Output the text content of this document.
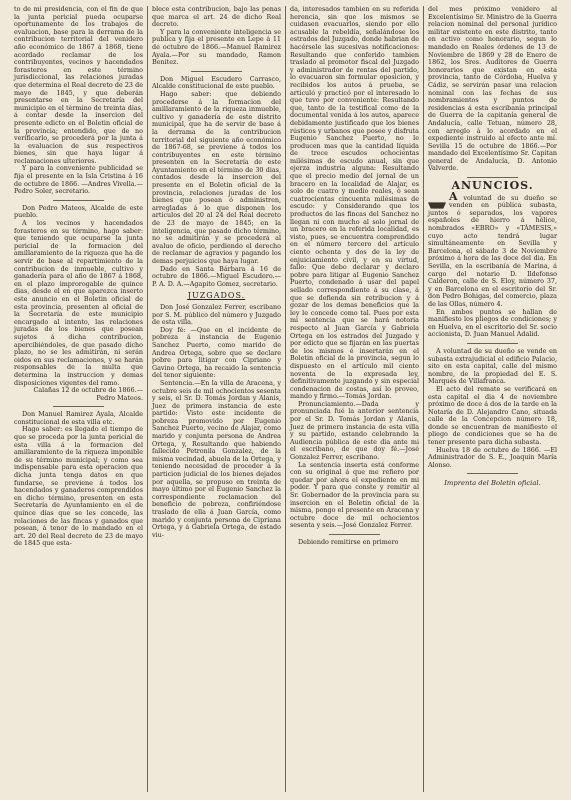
to de mi presidencia, con el fin de que la junta pericial pueda ocuparse oportunamente de los trabajos de evaluacion, base para la derrama de la contribucion territorial del venidero año económico de 1867 á 1868, tiene acordado reclamar de los contribuyentes, vecinos y hacendados forasteros en este término jurisdiccional, las relaciones juradas que determina el Real decreto de 23 de mayo de 1845, y que deberán presentarse en la Secretaría del municipio en el término de treinta dias, á contar desde la insercion del presente edicto en el Boletin oficial de la provincia; entendido, que de no verificarlo, se procederá por la junta á la evaluacion de sus respectivos bienes, sin que haya lugar á reclamaciones ulteriores.

Y para la conveniente publicidad se fija el presente en la Isla Cristina á 16 de octubre de 1866. —Andres Vivella.—Pedro Soler, secretario.

Don Pedro Mateos, Alcalde de este pueblo.

A los vecinos y hacendados forasteros en su término, hago saber: que teniendo que ocuparse la junta pericial de la formacion del amillaramiento de la riqueza que ha de servir de base al repartimiento de la contribucion de inmueble, cultivo y ganadería para el año de 1867 á 1868, en el plazo improrogable de quince dias, desde el en que aparezca inserto este anuncio en el Boletin oficial de esta provincia, presenten al oficial de la Secretaría de este municipio encargado al intento, las relaciones juradas de los bienes que posean sujetos á dicha contribucion, apercibiéndoles, de que pasado dicho plazo, no se les admitirán, ni serán oidos en sus reclamaciones, y se harán responsables de la multa que determina la instruccion y demas disposiciones vigentes del ramo.

Calañas 12 de octubre de 1866.—Pedro Mateos.

Don Manuel Ramirez Ayala, Alcalde constitucional de esta villa etc.

Hago saber: es llegado el tiempo de que se proceda por la junta pericial de esta villa á la formacion del amillaramiento de la riqueza imponible de su término municipal; y como sea indispensable para esta operacion que dicha junta tenga datos en que fundarse, se previene á todos los hacendados y ganaderos comprendidos en dicho término, presenten en esta Secretaría de Ayuntamiento en el de quince dias que se les concede, las relaciones de las fincas y ganados que posean, á tenor de lo mandado en el art. 20 del Real decreto de 23 de mayo de 1845 que esta-

blece esta contribucion, bajo las penas que marca el art. 24 de dicho Real decreto.

Y para la conveniente inteligencia se publica y fija el presente en Lepe á 11 de octubre de 1866.—Manuel Ramirez Ayala.—Por su mandado, Ramon Benitez.

Don Miguel Escudero Carrasco, Alcalde constitucional de este pueblo.

Hago saber: que debiendo procederse á la formacion del amillaramiento de la riqueza inmueble, cultivo y ganadería de este distrito municipal, que ha de servir de base á la derrama de la contribucion territorial del siguiente año económico de 1867-68, se previene á todos los contribuyentes en este término presenten en la Secretaría de este Ayuntamiento en el término de 30 dias, contados desde la insercion del presente en el Boletin oficial de la provincia, relaciones juradas de los bienes que posean ó administren, arregladas á lo que disponen los artículos del 20 al 24 del Real decreto de 23 de mayo de 1845; en la inteligencia, que pasado dicho término, no se admitirán y se procederá al avaluo de oficio, perdiendo el derecho de reclamar de agravios y pagando los demas perjuicios que haya lugar.

Dado en Santa Bárbara á 16 de octubre de 1866.—Miguel Escudero.—P. A. D. A.—Agapito Gomez, secretario.

JUZGADOS.

Don José Gonzalez Ferrer, escribano por S. M. público del número y Juzgado de esta villa.

Doy fé: —Que en el incidente de pobreza á instancia de Eugenio Sanchez Puerto, como marido de Andrea Ortega, sobre que se declare pobre para litigar con Cipriano y Gavino Ortega, ha recaido la sentencia del tenor siguiente:

Sentencia.—En la villa de Aracena, y octubre seis de mil ochocientos sesenta y seis, el Sr. D. Tomás Jordan y Alanis, Juez de primera instancia de este partido: Visto este incidente de pobreza promovido por Eugenio Sanchez Puerto, vecino de Alajar, como marido y conjunta persona de Andrea Ortega, y, Resultando que habiendo fallecido Petronila Gonzalez, de la misma vecindad, abuela de la Ortega, y teniendo necesidad de proceder á la particion judicial de los bienes dejados por aquella, se propuso en treinta de mayo último por el Eugenio Sanchez la correspondiente reclamacion del beneficio de pobreza, confiriéndose traslado de ella á Juan García, como marido y conjunta persona de Cipriana Ortega, y á Gabriela Ortega, de estado viu-

da, interesados tambien en su referida herencia, sin que los mismos se cuidasen evacuarlos, siendo por ello acusable la rebeldía, señalándose los estrados del Juzgado, donde habrian de hacérsele las sucesivas notificaciones: Resultando que conferido tambien traslado al promotor fiscal del Juzgado y administrador de rentas del partido, lo evacuaron sin formular oposicion, y recibidos los autos á prueba, se articuló y practicó por el interesado lo que tuvo por conveniente: Resultando que, tanto de la testifical como de la documental venida á los autos, aparece debidamente justificado que los bienes rústicos y urbanos que posee y disfruta Eugenio Sanchez Puerto, no le producen mas que la cantidad líquida de trece escudos ochocientas milésimas de escudo anual, sin que ejerza industria alguna: Resultando que el precio medio del jornal de un bracero en la localidad de Alajar, es solo de cuatro y medio reales, ó sean cuatrocientas cincuenta milésimas de escudo: y Considerando que los productos de las fincas del Sanchez no llegan ni con mucho al solo jornal de un bracero en la referida localidad, es visto, pues, se encuentra comprendido en el número tercero del artículo ciento ochenta y dos de la ley de enjuiciamiento civil, y en su virtud, fallo: Que debo declarar y declaro pobre para litigar al Eugenio Sanchez Puerto, condenado á usar del papel sellado correspondiente á su clase, á que se defienda sin retribucion y á gozar de los demas beneficios que la ley le concede como tal. Pues por esta mi sentencia que se hará notoria respecto al Juan García y Gabriela Ortega en los estrados del Juzgado y por edicto que se fijarán en las puertas de los mismos é insertarán en el Boletin oficial de la provincia, segun lo dispuesto en el artículo mil ciento noventa de la expresada ley, definitivamente juzgando y sin especial condenacion de costas, así lo proveo, mando y firmo.—Tomás Jordan.

Pronunciamiento.—Dada y pronunciada fué la anterior sentencia por el Sr. D. Tomás Jordan y Alanis, Juez de primera instancia de esta villa y su partido, estando celebrando la Audiencia pública de este dia ante mi el escribano, de que doy fé.—José Gonzalez Ferrer, escribano.

La sentencia inserta está conforme con su original á que me refiero por quedar por ahora el expediente en mi poder. Y para que conste y remitir al Sr. Gobernador de la provincia para su insercion en el Boletin oficial de la misma, pongo el presente en Aracena y octubre doce de mil ochocientos sesenta y seis.—José Gonzalez Ferrer.

Debiendo remitirse en primero

del mes próximo venidero al Excelentísimo Sr. Ministro de la Guerra relacion nominal del personal jurídico militar existente en este distrito, tanto en activo como honorario, segun lo mandado en Reales órdenes de 13 de Noviembre de 1869 y 28 de Enero de 1862, los Sres. Auditores de Guerra honorarios que existan en esta provincia, tanto de Córdoba, Huelva y Cádiz, se servirán pasar una relacion nominal con las fechas de sus nombramientos y puntos de residencias á esta escribanía principal de Guerra de la capitanía general de Andalucía, calle Tetuan, número 28, con arreglo á lo acordado en el expediente instruido al efecto ante mí. Sevilla 15 de octubre de 1866.—Por mandado del Excelentísimo Sr. Capitan general de Andalucía, D. Antonio Valverde.

ANUNCIOS.

A voluntad de su dueño se venden en pública subasta, juntos ó separados, los vapores españoles de hierro á hélice, nombrados «EBRO» y «TÁMESIS,» cuyo acto tendrá lugar simultáneamente en Sevilla y Barcelona, el sábado 3 de Noviembre próximo á hora de las doce del dia. En Sevilla, en la escribanía de Marina, á cargo del notario D. Ildefonso Calderon, calle de S. Eloy, número 37, y en Barcelona en el escritorio del Sr. don Pedro Bohigas, del comercio, plaza de las Ollas, número 4.

En ambos puntos se hallan de manifiesto los pliegos de condiciones; y en Huelva, en el escritorio del Sr. socio accionista, D. Juan Manuel Adalid.

A voluntad de su dueño se vende en subasta extrajudicial el edificio Palacio, sito en esta capital, calle del mismo nombre, de la propiedad del E. S. Marqués de Villafranca.

El acto del remate se verificará en esta capital el dia 4 de noviembre próximo de doce á dos de la tarde en la Notaría de D. Alejandro Cano, situada calle de la Concepcion número 18, donde se encuentran de manifiesto el pliego de condiciones que se ha de tener presente para dicha subasta.

Huelva 18 de octubre de 1866. —El Administrador de S. E., Joaquin María Alonso.

Imprenta del Boletin oficial.
